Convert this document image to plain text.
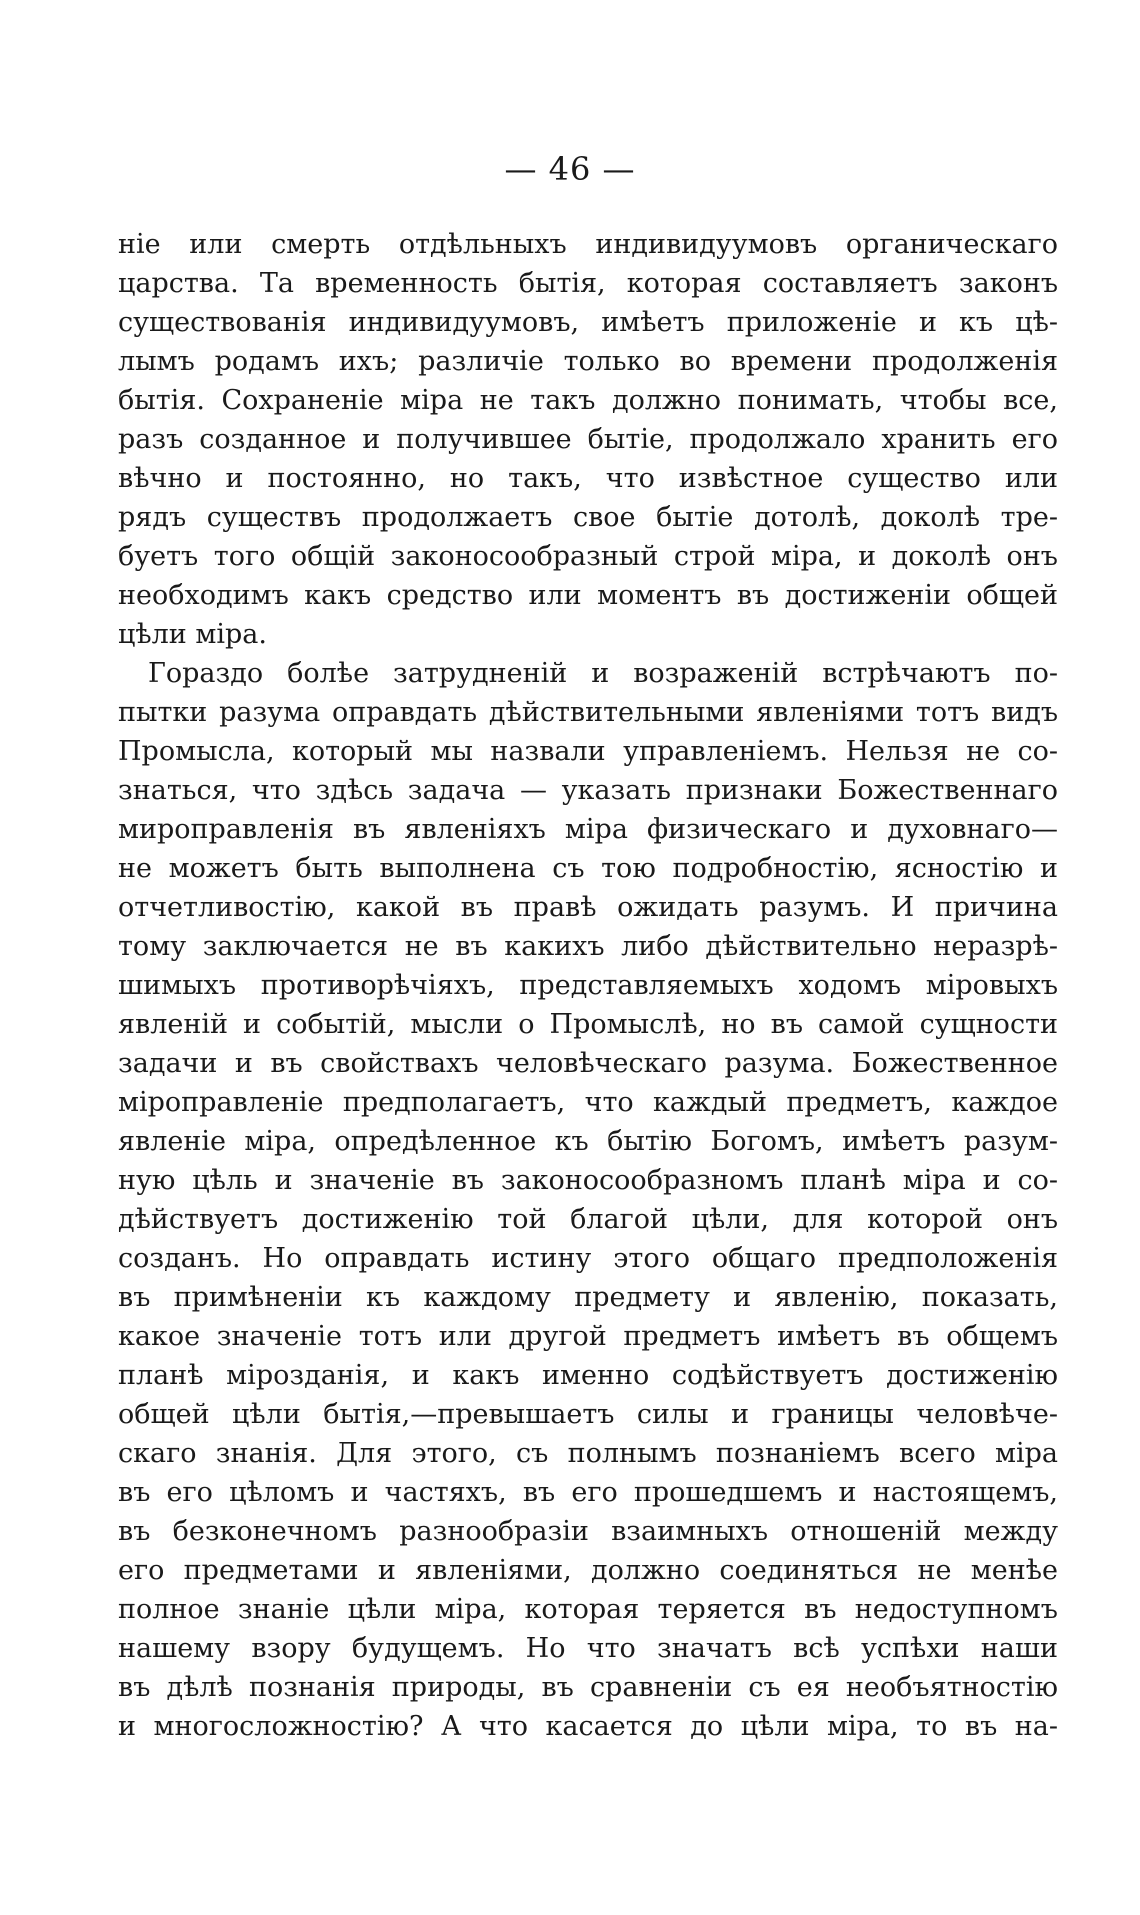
— 46 —
ніе или смерть отдѣльныхъ индивидуумовъ органическаго
царства. Та временность бытія, которая составляетъ законъ
существованія индивидуумовъ, имѣетъ приложеніе и къ цѣ-
лымъ родамъ ихъ; различіе только во времени продолженія
бытія. Сохраненіе міра не такъ должно понимать, чтобы все,
разъ созданное и получившее бытіе, продолжало хранить его
вѣчно и постоянно, но такъ, что извѣстное существо или
рядъ существъ продолжаетъ свое бытіе дотолѣ, доколѣ тре-
буетъ того общій законосообразный строй міра, и доколѣ онъ
необходимъ какъ средство или моментъ въ достиженіи общей
цѣли міра.
Гораздо болѣе затрудненій и возраженій встрѣчаютъ по-
пытки разума оправдать дѣйствительными явленіями тотъ видъ
Промысла, который мы назвали управленіемъ. Нельзя не со-
знаться, что здѣсь задача — указать признаки Божественнаго
мироправленія въ явленіяхъ міра физическаго и духовнаго—
не можетъ быть выполнена съ тою подробностію, ясностію и
отчетливостію, какой въ правѣ ожидать разумъ. И причина
тому заключается не въ какихъ либо дѣйствительно неразрѣ-
шимыхъ противорѣчіяхъ, представляемыхъ ходомъ міровыхъ
явленій и событій, мысли о Промыслѣ, но въ самой сущности
задачи и въ свойствахъ человѣческаго разума. Божественное
міроправленіе предполагаетъ, что каждый предметъ, каждое
явленіе міра, опредѣленное къ бытію Богомъ, имѣетъ разум-
ную цѣль и значеніе въ законосообразномъ планѣ міра и со-
дѣйствуетъ достиженію той благой цѣли, для которой онъ
созданъ. Но оправдать истину этого общаго предположенія
въ примѣненіи къ каждому предмету и явленію, показать,
какое значеніе тотъ или другой предметъ имѣетъ въ общемъ
планѣ мірозданія, и какъ именно содѣйствуетъ достиженію
общей цѣли бытія,—превышаетъ силы и границы человѣче-
скаго знанія. Для этого, съ полнымъ познаніемъ всего міра
въ его цѣломъ и частяхъ, въ его прошедшемъ и настоящемъ,
въ безконечномъ разнообразіи взаимныхъ отношеній между
его предметами и явленіями, должно соединяться не менѣе
полное знаніе цѣли міра, которая теряется въ недоступномъ
нашему взору будущемъ. Но что значатъ всѣ успѣхи наши
въ дѣлѣ познанія природы, въ сравненіи съ ея необъятностію
и многосложностію? А что касается до цѣли міра, то въ на-
